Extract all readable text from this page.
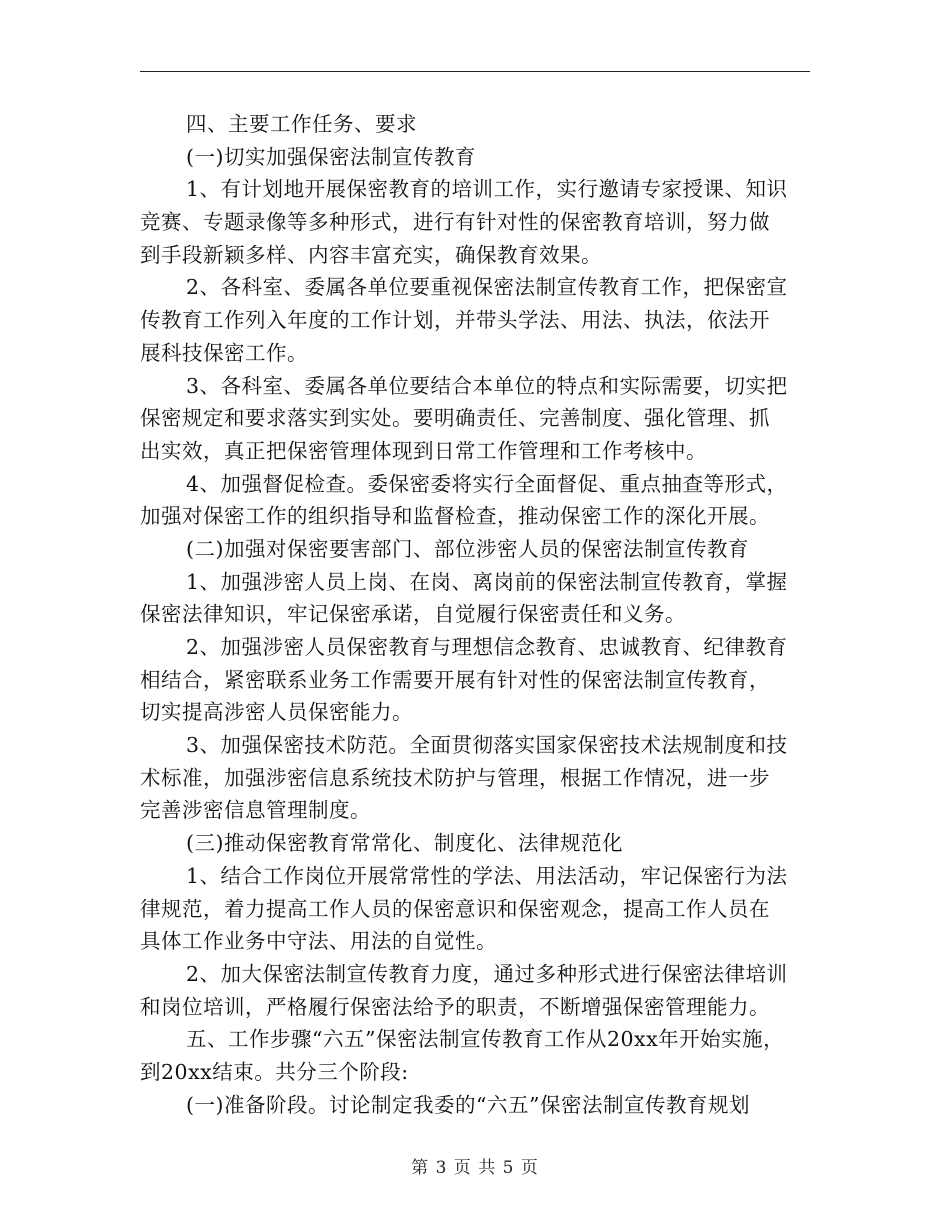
四、主要工作任务、要求
(一)切实加强保密法制宣传教育
1、有计划地开展保密教育的培训工作，实行邀请专家授课、知识
竞赛、专题录像等多种形式，进行有针对性的保密教育培训，努力做
到手段新颖多样、内容丰富充实，确保教育效果。
2、各科室、委属各单位要重视保密法制宣传教育工作，把保密宣
传教育工作列入年度的工作计划，并带头学法、用法、执法，依法开
展科技保密工作。
3、各科室、委属各单位要结合本单位的特点和实际需要，切实把
保密规定和要求落实到实处。要明确责任、完善制度、强化管理、抓
出实效，真正把保密管理体现到日常工作管理和工作考核中。
4、加强督促检查。委保密委将实行全面督促、重点抽查等形式，
加强对保密工作的组织指导和监督检查，推动保密工作的深化开展。
(二)加强对保密要害部门、部位涉密人员的保密法制宣传教育
1、加强涉密人员上岗、在岗、离岗前的保密法制宣传教育，掌握
保密法律知识，牢记保密承诺，自觉履行保密责任和义务。
2、加强涉密人员保密教育与理想信念教育、忠诚教育、纪律教育
相结合，紧密联系业务工作需要开展有针对性的保密法制宣传教育，
切实提高涉密人员保密能力。
3、加强保密技术防范。全面贯彻落实国家保密技术法规制度和技
术标准，加强涉密信息系统技术防护与管理，根据工作情况，进一步
完善涉密信息管理制度。
(三)推动保密教育常常化、制度化、法律规范化
1、结合工作岗位开展常常性的学法、用法活动，牢记保密行为法
律规范，着力提高工作人员的保密意识和保密观念，提高工作人员在
具体工作业务中守法、用法的自觉性。
2、加大保密法制宣传教育力度，通过多种形式进行保密法律培训
和岗位培训，严格履行保密法给予的职责，不断增强保密管理能力。
五、工作步骤“六五”保密法制宣传教育工作从20xx年开始实施，
到20xx结束。共分三个阶段:
(一)准备阶段。讨论制定我委的“六五”保密法制宣传教育规划
第 3 页 共 5 页
